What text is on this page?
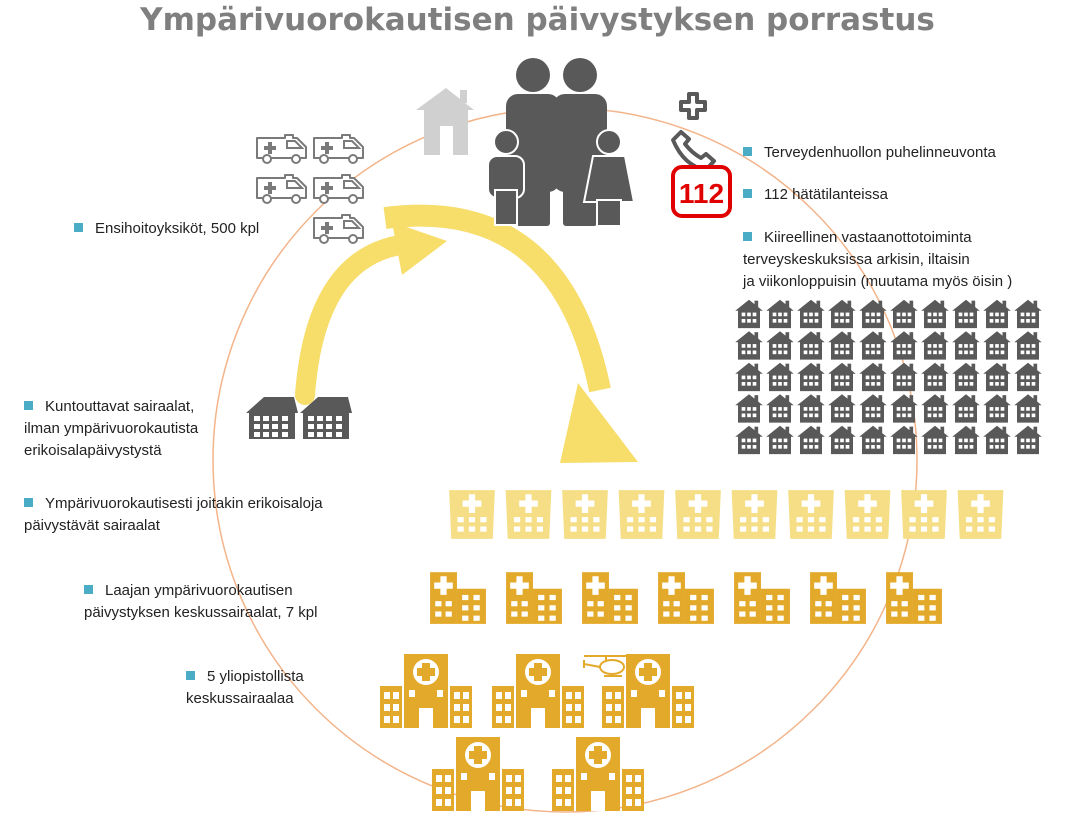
112
Ympärivuorokautisen päivystyksen porrastus
Ensihoitoyksiköt, 500 kpl
Terveydenhuollon puhelinneuvonta
112 hätätilanteissa
Kiireellinen vastaanottotoiminta
terveyskeskuksissa arkisin, iltaisin
ja viikonloppuisin (muutama myös öisin )
Kuntouttavat sairaalat,
ilman ympärivuorokautista
erikoisalapäivystystä
Ympärivuorokautisesti joitakin erikoisaloja
päivystävät sairaalat
Laajan ympärivuorokautisen
päivystyksen keskussairaalat, 7 kpl
5 yliopistollista
keskussairaalaa
